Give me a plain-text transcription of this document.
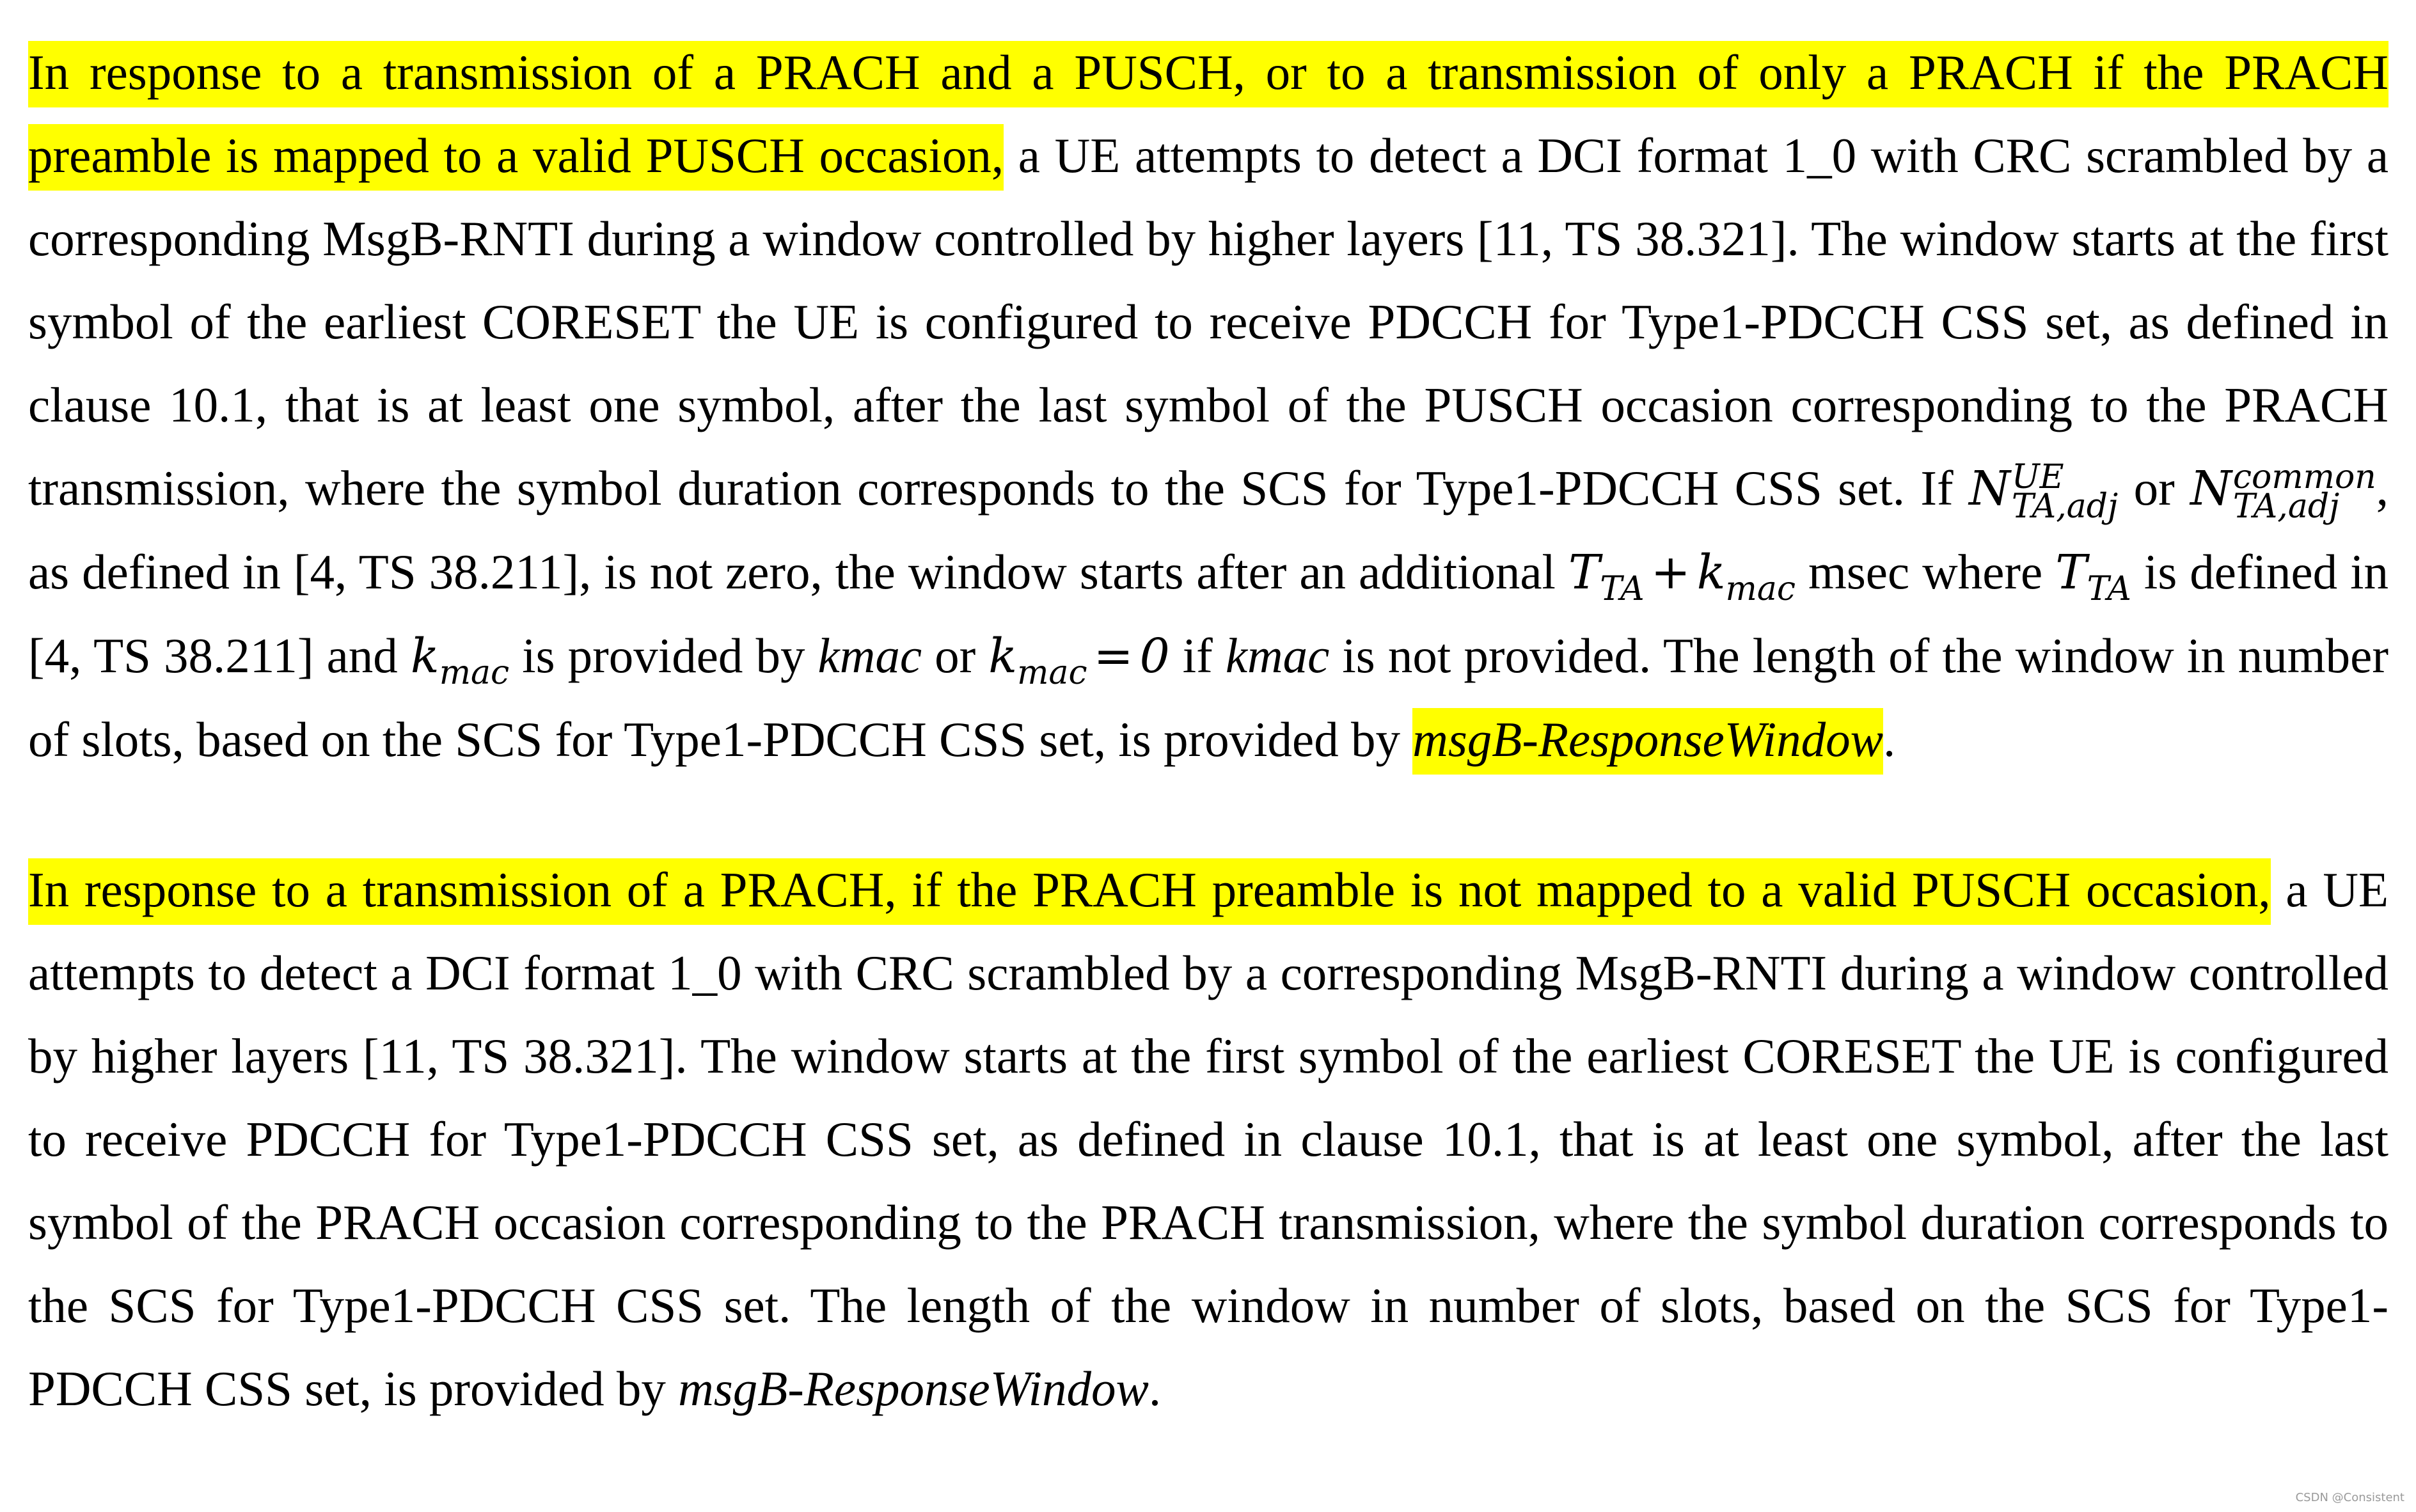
In response to a transmission of a PRACH and a PUSCH, or to a transmission of only a PRACH if the PRACH preamble is mapped to a valid PUSCH occasion, a UE attempts to detect a DCI format 1_0 with CRC scrambled by a corresponding MsgB-RNTI during a window controlled by higher layers [11, TS 38.321]. The window starts at the first symbol of the earliest CORESET the UE is configured to receive PDCCH for Type1-PDCCH CSS set, as defined in clause 10.1, that is at least one symbol, after the last symbol of the PUSCH occasion corresponding to the PRACH transmission, where the symbol duration corresponds to the SCS for Type1-PDCCH CSS set. If N UE
TA,adj or N common
TA,adj , as defined in [4, TS 38.211], is not zero, the window starts after an additional $T_{TA} + k_{mac}$ msec where $T_{TA}$ is defined in [4, TS 38.211] and $k_{mac}$ is provided by kmac or $k_{mac} = 0$ if kmac is not provided. The length of the window in number of slots, based on the SCS for Type1-PDCCH CSS set, is provided by msgB-ResponseWindow.

In response to a transmission of a PRACH, if the PRACH preamble is not mapped to a valid PUSCH occasion, a UE attempts to detect a DCI format 1_0 with CRC scrambled by a corresponding MsgB-RNTI during a window controlled by higher layers [11, TS 38.321]. The window starts at the first symbol of the earliest CORESET the UE is configured to receive PDCCH for Type1-PDCCH CSS set, as defined in clause 10.1, that is at least one symbol, after the last symbol of the PRACH occasion corresponding to the PRACH transmission, where the symbol duration corresponds to the SCS for Type1-PDCCH CSS set. The length of the window in number of slots, based on the SCS for Type1-PDCCH CSS set, is provided by msgB-ResponseWindow.

CSDN @Consistent
